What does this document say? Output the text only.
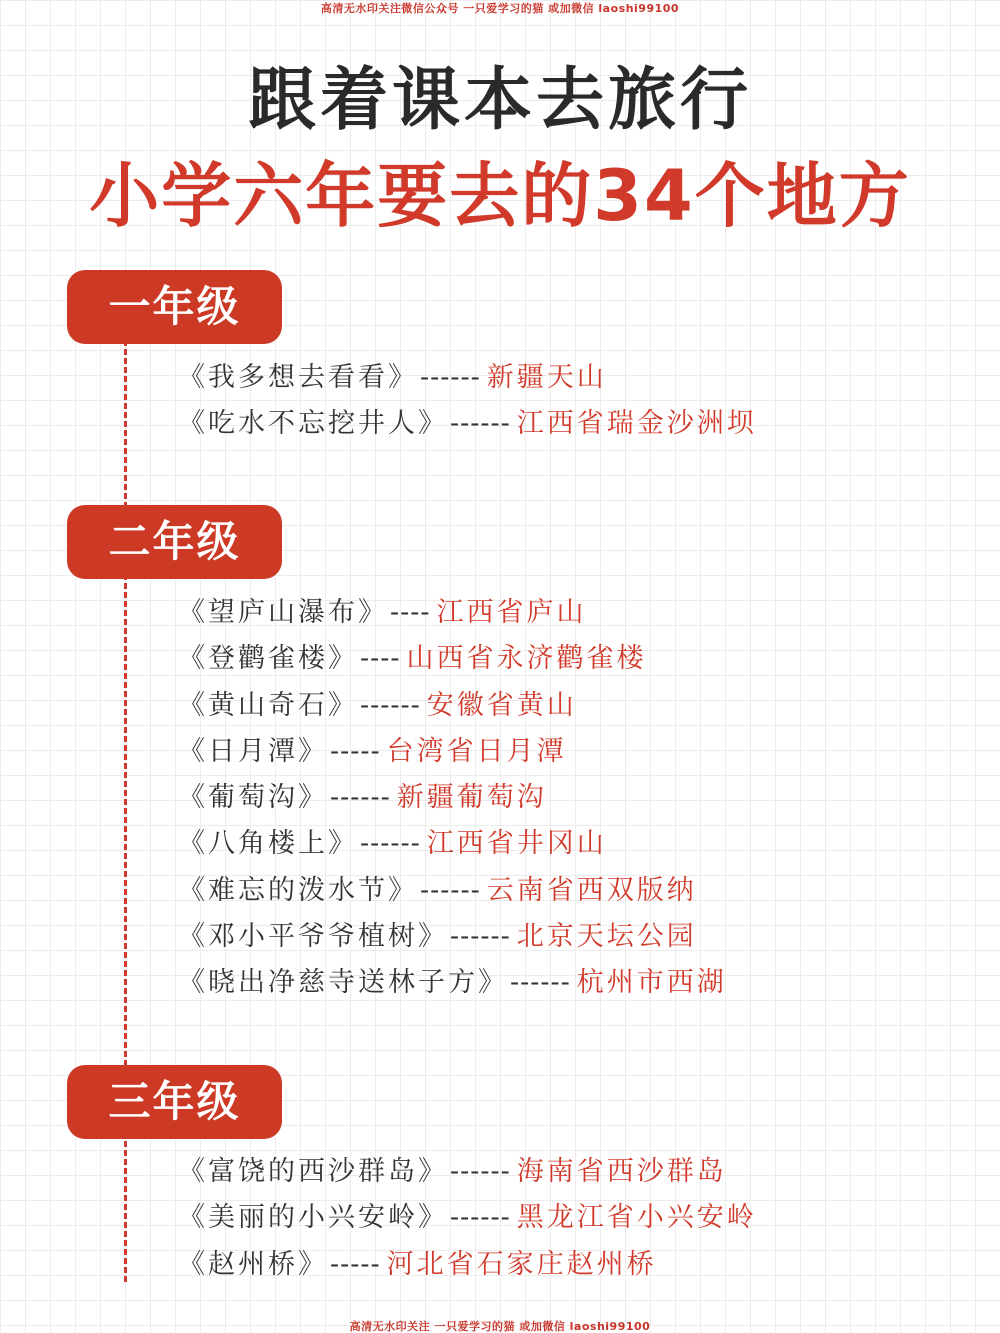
高清无水印关注微信公众号 一只爱学习的猫 或加微信 laoshi99100
跟着课本去旅行
小学六年要去的34个地方
一年级
《我多想去看看》------ 新疆天山
《吃水不忘挖井人》------ 江西省瑞金沙洲坝
二年级
《望庐山瀑布》---- 江西省庐山
《登鹳雀楼》---- 山西省永济鹳雀楼
《黄山奇石》------ 安徽省黄山
《日月潭》----- 台湾省日月潭
《葡萄沟》------ 新疆葡萄沟
《八角楼上》------ 江西省井冈山
《难忘的泼水节》------ 云南省西双版纳
《邓小平爷爷植树》------ 北京天坛公园
《晓出净慈寺送林子方》------ 杭州市西湖
三年级
《富饶的西沙群岛》------ 海南省西沙群岛
《美丽的小兴安岭》------ 黑龙江省小兴安岭
《赵州桥》----- 河北省石家庄赵州桥
高清无水印关注 一只爱学习的猫 或加微信 laoshi99100
